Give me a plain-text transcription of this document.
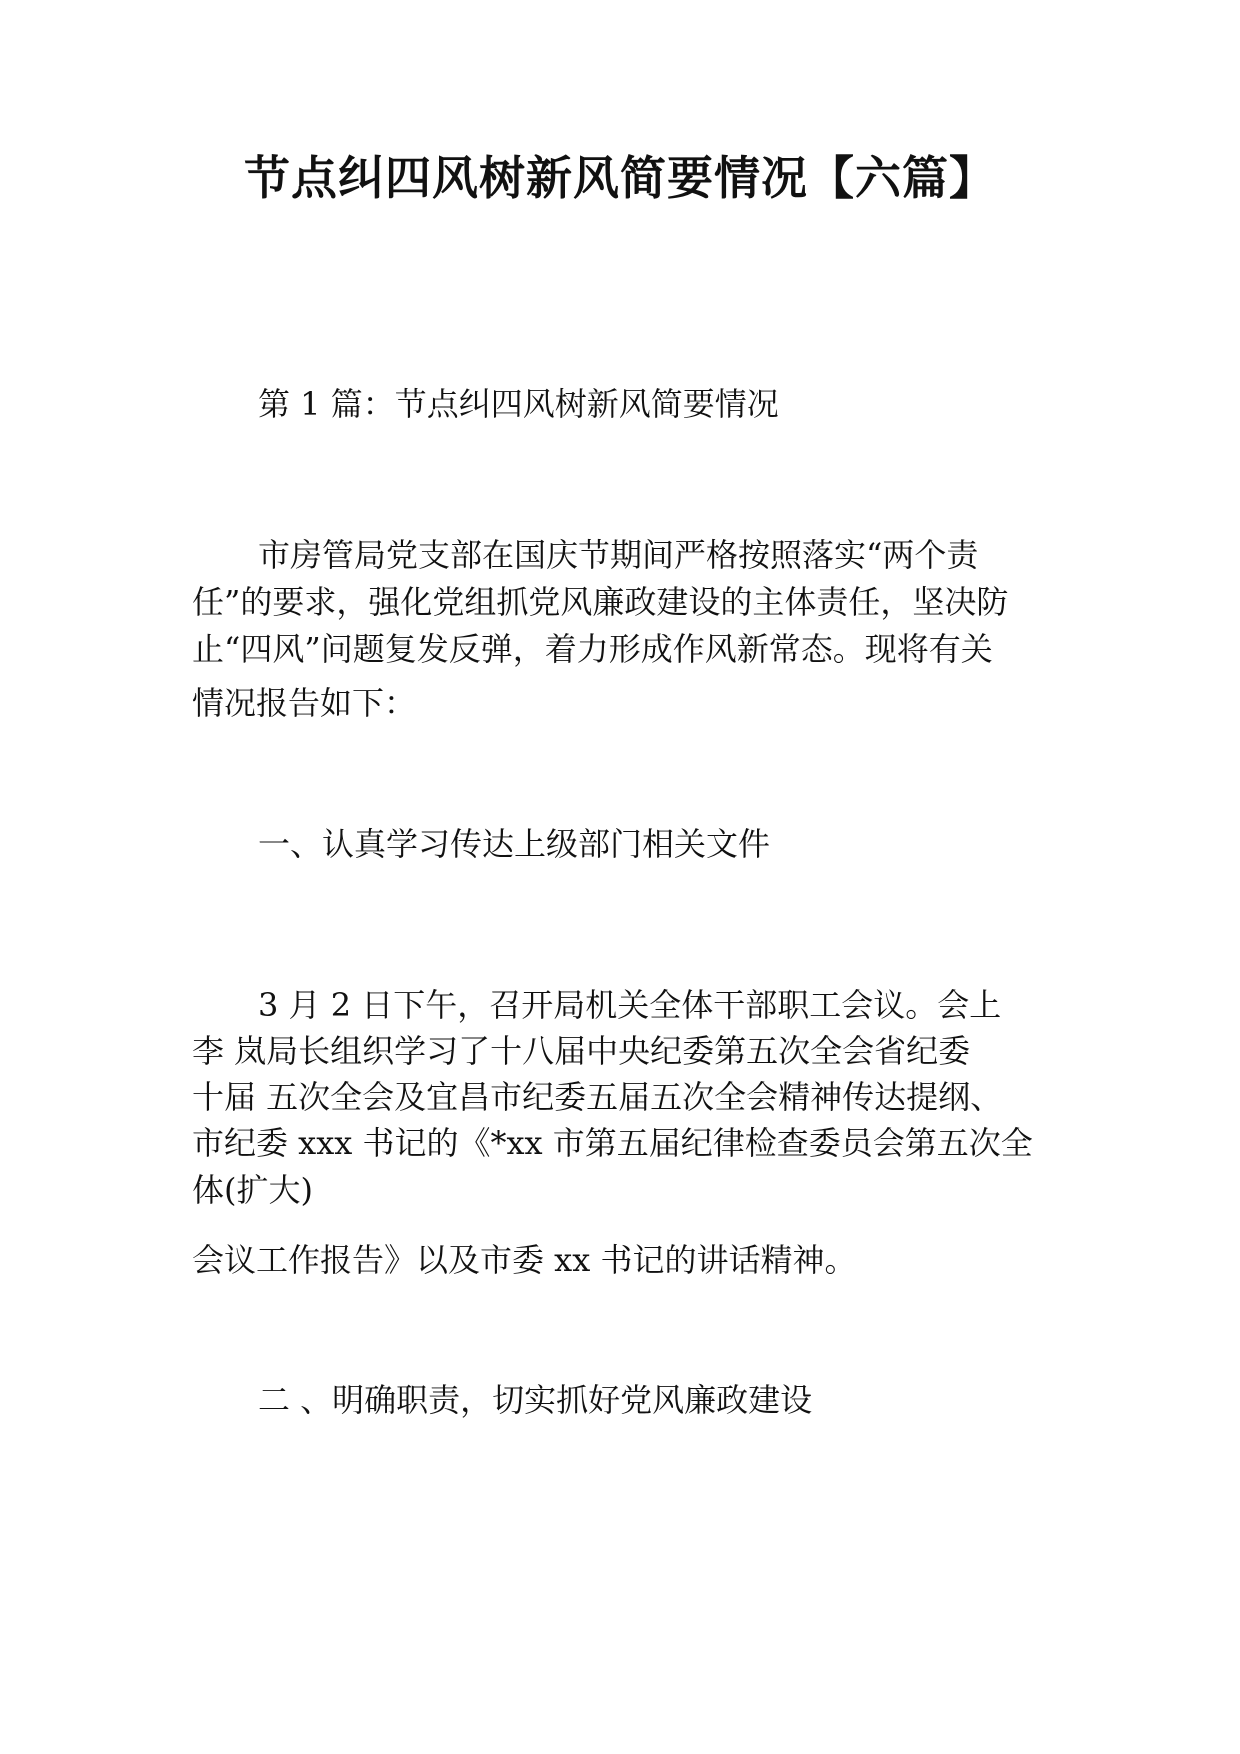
节点纠四风树新风简要情况【六篇】
第 1 篇：节点纠四风树新风简要情况
市房管局党支部在国庆节期间严格按照落实“两个责
任”的要求，强化党组抓党风廉政建设的主体责任，坚决防
止“四风”问题复发反弹，着力形成作风新常态。现将有关
情况报告如下：
一、认真学习传达上级部门相关文件
3 月 2 日下午，召开局机关全体干部职工会议。会上
李 岚局长组织学习了十八届中央纪委第五次全会省纪委
十届 五次全会及宜昌市纪委五届五次全会精神传达提纲、
市纪委 xxx 书记的《*xx 市第五届纪律检查委员会第五次全
体(扩大)
会议工作报告》以及市委 xx 书记的讲话精神。
二 、明确职责，切实抓好党风廉政建设
